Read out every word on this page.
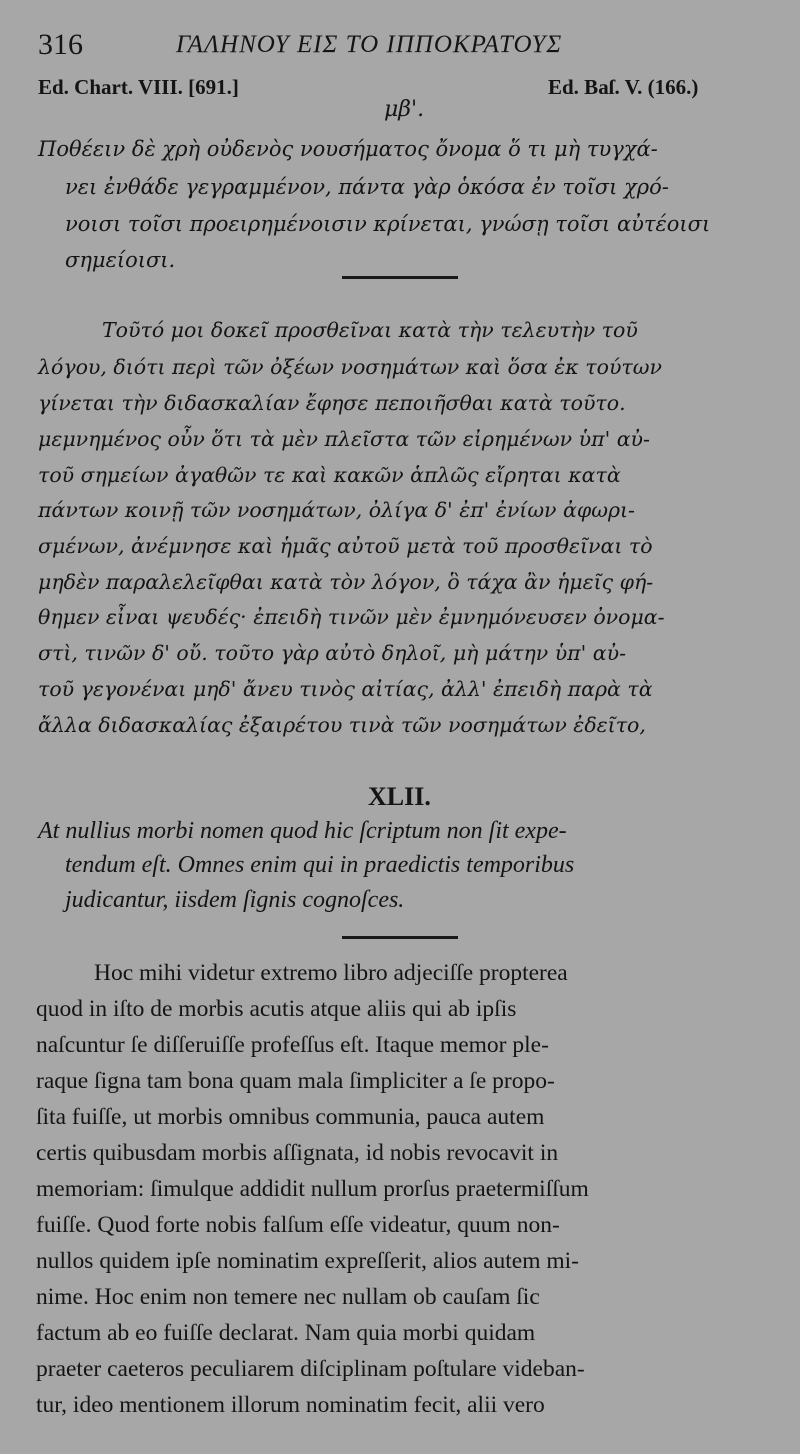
316	ΓΑΛΗΝΟΥ ΕΙΣ ΤΟ ΙΠΠΟΚΡΑΤΟΥΣ
Ed. Chart. VIII. [691.]	Ed. Baſ. V. (166.)
μβ'.
Ποθέειν δὲ χρὴ οὐδενὸς νουσήματος ὄνομα ὅ τι μὴ τυγχά-
νει ἐνθάδε γεγραμμένον, πάντα γὰρ ὁκόσα ἐν τοῖσι χρό-
νοισι τοῖσι προειρημένοισιν κρίνεται, γνώσῃ τοῖσι αὐτέοισι
σημείοισι.
Τοῦτό μοι δοκεῖ προσθεῖναι κατὰ τὴν τελευτὴν τοῦ
λόγου, διότι περὶ τῶν ὀξέων νοσημάτων καὶ ὅσα ἐκ τούτων
γίνεται τὴν διδασκαλίαν ἔφησε πεποιῆσθαι κατὰ τοῦτο.
μεμνημένος οὖν ὅτι τὰ μὲν πλεῖστα τῶν εἰρημένων ὑπ' αὐ-
τοῦ σημείων ἀγαθῶν τε καὶ κακῶν ἁπλῶς εἴρηται κατὰ
πάντων κοινῇ τῶν νοσημάτων, ὀλίγα δ' ἐπ' ἐνίων ἀφωρι-
σμένων, ἀνέμνησε καὶ ἡμᾶς αὐτοῦ μετὰ τοῦ προσθεῖναι τὸ
μηδὲν παραλελεῖφθαι κατὰ τὸν λόγον, ὃ τάχα ἂν ἡμεῖς φή-
θημεν εἶναι ψευδές· ἐπειδὴ τινῶν μὲν ἐμνημόνευσεν ὀνομα-
στὶ, τινῶν δ' οὔ. τοῦτο γὰρ αὐτὸ δηλοῖ, μὴ μάτην ὑπ' αὐ-
τοῦ γεγονέναι μηδ' ἄνευ τινὸς αἰτίας, ἀλλ' ἐπειδὴ παρὰ τὰ
ἄλλα διδασκαλίας ἐξαιρέτου τινὰ τῶν νοσημάτων ἐδεῖτο,
XLII.
At nullius morbi nomen quod hic ſcriptum non ſit expe-
tendum eſt. Omnes enim qui in praedictis temporibus
judicantur, iisdem ſignis cognoſces.
Hoc mihi videtur extremo libro adjeciſſe propterea
quod in iſto de morbis acutis atque aliis qui ab ipſis
naſcuntur ſe diſſeruiſſe profeſſus eſt. Itaque memor ple-
raque ſigna tam bona quam mala ſimpliciter a ſe propo-
ſita fuiſſe, ut morbis omnibus communia, pauca autem
certis quibusdam morbis aſſignata, id nobis revocavit in
memoriam: ſimulque addidit nullum prorſus praetermiſſum
fuiſſe. Quod forte nobis falſum eſſe videatur, quum non-
nullos quidem ipſe nominatim expreſſerit, alios autem mi-
nime. Hoc enim non temere nec nullam ob cauſam ſic
factum ab eo fuiſſe declarat. Nam quia morbi quidam
praeter caeteros peculiarem diſciplinam poſtulare videban-
tur, ideo mentionem illorum nominatim fecit, alii vero
